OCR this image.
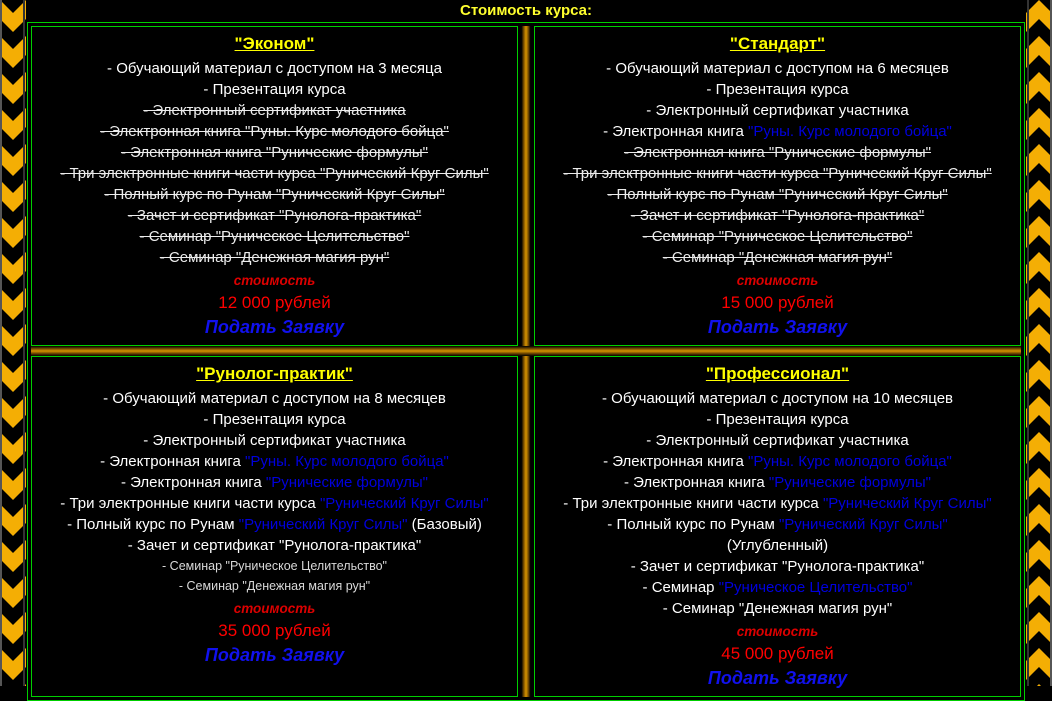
Стоимость курса:
"Эконом"
- Обучающий материал с доступом на 3 месяца
- Презентация курса
- Электронный сертификат участника
- Электронная книга "Руны. Курс молодого бойца"
- Электронная книга "Рунические формулы"
- Три электронные книги части курса "Рунический Круг Силы"
- Полный курс по Рунам "Рунический Круг Силы"
- Зачет и сертификат "Рунолога-практика"
- Семинар "Руническое Целительство"
- Семинар "Денежная магия рун"
стоимость
12 000 рублей
Подать Заявку
"Стандарт"
- Обучающий материал с доступом на 6 месяцев
- Презентация курса
- Электронный сертификат участника
- Электронная книга "Руны. Курс молодого бойца"
- Электронная книга "Рунические формулы"
- Три электронные книги части курса "Рунический Круг Силы"
- Полный курс по Рунам "Рунический Круг Силы"
- Зачет и сертификат "Рунолога-практика"
- Семинар "Руническое Целительство"
- Семинар "Денежная магия рун"
стоимость
15 000 рублей
Подать Заявку
"Рунолог-практик"
- Обучающий материал с доступом на 8 месяцев
- Презентация курса
- Электронный сертификат участника
- Электронная книга "Руны. Курс молодого бойца"
- Электронная книга "Рунические формулы"
- Три электронные книги части курса "Рунический Круг Силы"
- Полный курс по Рунам "Рунический Круг Силы" (Базовый)
- Зачет и сертификат "Рунолога-практика"
- Семинар "Руническое Целительство"
- Семинар "Денежная магия рун"
стоимость
35 000 рублей
Подать Заявку
"Профессионал"
- Обучающий материал с доступом на 10 месяцев
- Презентация курса
- Электронный сертификат участника
- Электронная книга "Руны. Курс молодого бойца"
- Электронная книга "Рунические формулы"
- Три электронные книги части курса "Рунический Круг Силы"
- Полный курс по Рунам "Рунический Круг Силы"
(Углубленный)
- Зачет и сертификат "Рунолога-практика"
- Семинар "Руническое Целительство"
- Семинар "Денежная магия рун"
стоимость
45 000 рублей
Подать Заявку
